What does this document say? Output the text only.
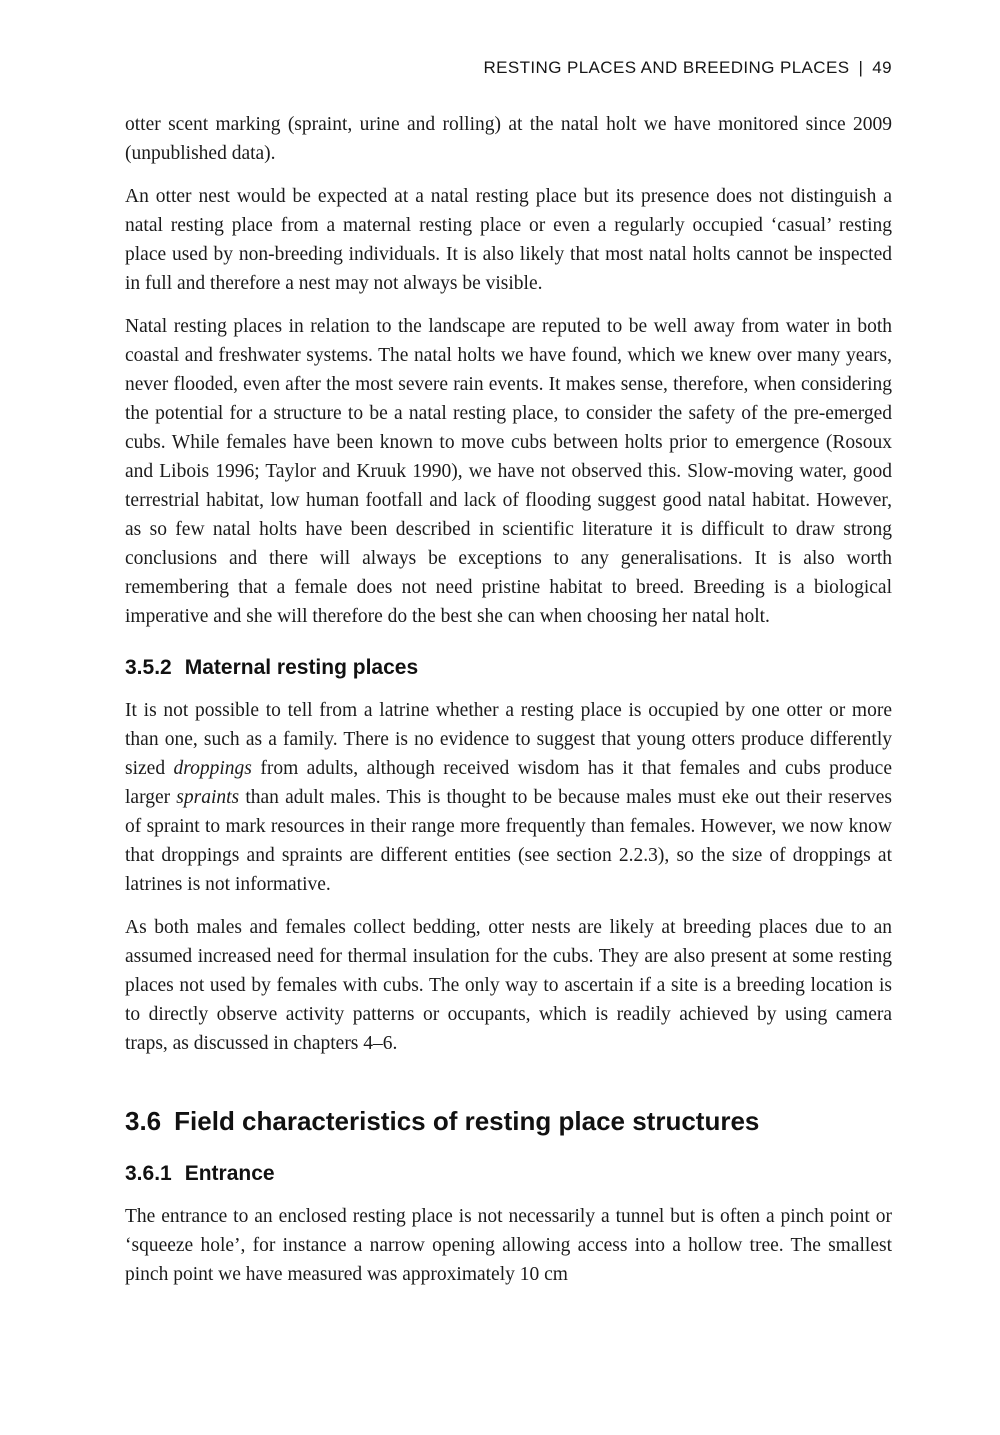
RESTING PLACES AND BREEDING PLACES | 49

otter scent marking (spraint, urine and rolling) at the natal holt we have monitored since 2009 (unpublished data).

An otter nest would be expected at a natal resting place but its presence does not distinguish a natal resting place from a maternal resting place or even a regularly occupied ‘casual’ resting place used by non-breeding individuals. It is also likely that most natal holts cannot be inspected in full and therefore a nest may not always be visible.

Natal resting places in relation to the landscape are reputed to be well away from water in both coastal and freshwater systems. The natal holts we have found, which we knew over many years, never flooded, even after the most severe rain events. It makes sense, therefore, when considering the potential for a structure to be a natal resting place, to consider the safety of the pre-emerged cubs. While females have been known to move cubs between holts prior to emergence (Rosoux and Libois 1996; Taylor and Kruuk 1990), we have not observed this. Slow-moving water, good terrestrial habitat, low human footfall and lack of flooding suggest good natal habitat. However, as so few natal holts have been described in scientific literature it is difficult to draw strong conclusions and there will always be exceptions to any generalisations. It is also worth remembering that a female does not need pristine habitat to breed. Breeding is a biological imperative and she will therefore do the best she can when choosing her natal holt.

3.5.2 Maternal resting places

It is not possible to tell from a latrine whether a resting place is occupied by one otter or more than one, such as a family. There is no evidence to suggest that young otters produce differently sized droppings from adults, although received wisdom has it that females and cubs produce larger spraints than adult males. This is thought to be because males must eke out their reserves of spraint to mark resources in their range more frequently than females. However, we now know that droppings and spraints are different entities (see section 2.2.3), so the size of droppings at latrines is not informative.

As both males and females collect bedding, otter nests are likely at breeding places due to an assumed increased need for thermal insulation for the cubs. They are also present at some resting places not used by females with cubs. The only way to ascertain if a site is a breeding location is to directly observe activity patterns or occupants, which is readily achieved by using camera traps, as discussed in chapters 4–6.

3.6 Field characteristics of resting place structures
3.6.1 Entrance

The entrance to an enclosed resting place is not necessarily a tunnel but is often a pinch point or ‘squeeze hole’, for instance a narrow opening allowing access into a hollow tree. The smallest pinch point we have measured was approximately 10 cm
